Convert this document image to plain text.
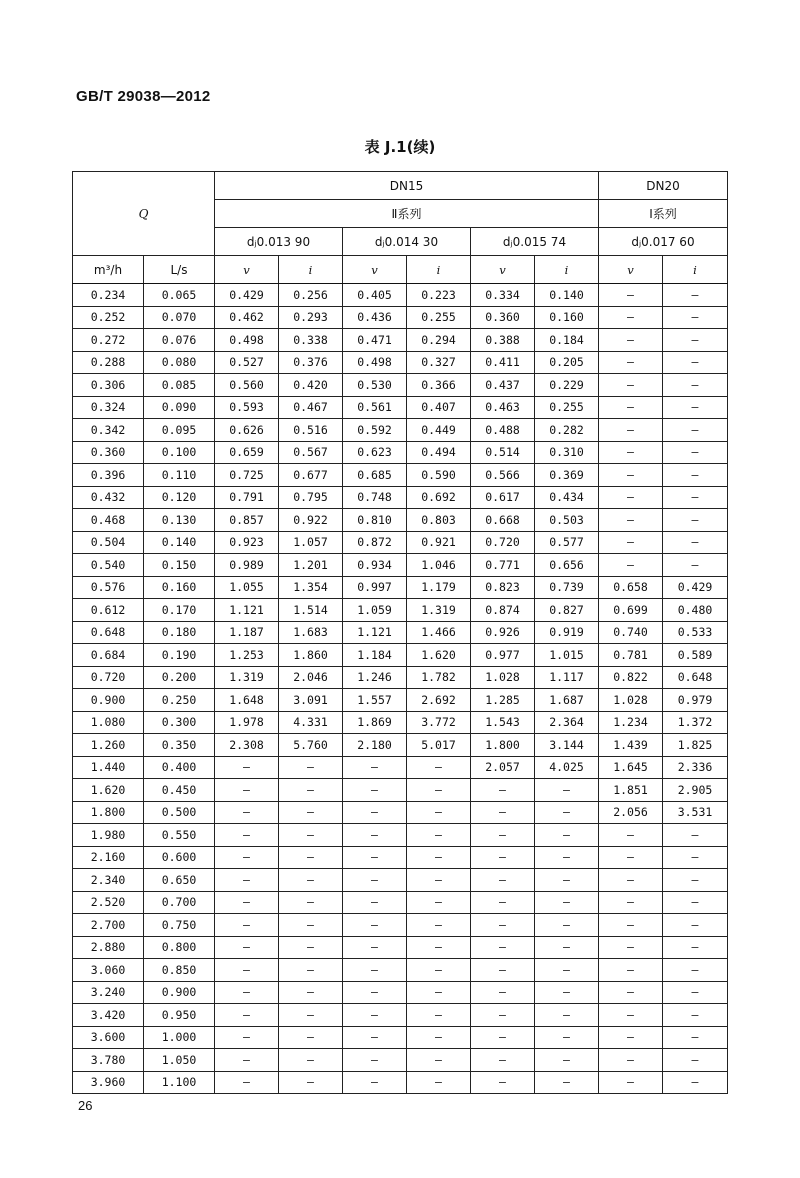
GB/T 29038—2012
表 J.1(续)
Q		DN15						DN20	
		Ⅱ系列						Ⅰ系列	
		dⱼ0.013 90		dⱼ0.014 30		dⱼ0.015 74		dⱼ0.017 60	
m³/h	L/s	v	i	v	i	v	i	v	i
0.234	0.065	0.429	0.256	0.405	0.223	0.334	0.140	—	—
0.252	0.070	0.462	0.293	0.436	0.255	0.360	0.160	—	—
0.272	0.076	0.498	0.338	0.471	0.294	0.388	0.184	—	—
0.288	0.080	0.527	0.376	0.498	0.327	0.411	0.205	—	—
0.306	0.085	0.560	0.420	0.530	0.366	0.437	0.229	—	—
0.324	0.090	0.593	0.467	0.561	0.407	0.463	0.255	—	—
0.342	0.095	0.626	0.516	0.592	0.449	0.488	0.282	—	—
0.360	0.100	0.659	0.567	0.623	0.494	0.514	0.310	—	—
0.396	0.110	0.725	0.677	0.685	0.590	0.566	0.369	—	—
0.432	0.120	0.791	0.795	0.748	0.692	0.617	0.434	—	—
0.468	0.130	0.857	0.922	0.810	0.803	0.668	0.503	—	—
0.504	0.140	0.923	1.057	0.872	0.921	0.720	0.577	—	—
0.540	0.150	0.989	1.201	0.934	1.046	0.771	0.656	—	—
0.576	0.160	1.055	1.354	0.997	1.179	0.823	0.739	0.658	0.429
0.612	0.170	1.121	1.514	1.059	1.319	0.874	0.827	0.699	0.480
0.648	0.180	1.187	1.683	1.121	1.466	0.926	0.919	0.740	0.533
0.684	0.190	1.253	1.860	1.184	1.620	0.977	1.015	0.781	0.589
0.720	0.200	1.319	2.046	1.246	1.782	1.028	1.117	0.822	0.648
0.900	0.250	1.648	3.091	1.557	2.692	1.285	1.687	1.028	0.979
1.080	0.300	1.978	4.331	1.869	3.772	1.543	2.364	1.234	1.372
1.260	0.350	2.308	5.760	2.180	5.017	1.800	3.144	1.439	1.825
1.440	0.400	—	—	—	—	2.057	4.025	1.645	2.336
1.620	0.450	—	—	—	—	—	—	1.851	2.905
1.800	0.500	—	—	—	—	—	—	2.056	3.531
1.980	0.550	—	—	—	—	—	—	—	—
2.160	0.600	—	—	—	—	—	—	—	—
2.340	0.650	—	—	—	—	—	—	—	—
2.520	0.700	—	—	—	—	—	—	—	—
2.700	0.750	—	—	—	—	—	—	—	—
2.880	0.800	—	—	—	—	—	—	—	—
3.060	0.850	—	—	—	—	—	—	—	—
3.240	0.900	—	—	—	—	—	—	—	—
3.420	0.950	—	—	—	—	—	—	—	—
3.600	1.000	—	—	—	—	—	—	—	—
3.780	1.050	—	—	—	—	—	—	—	—
3.960	1.100	—	—	—	—	—	—	—	—
26
